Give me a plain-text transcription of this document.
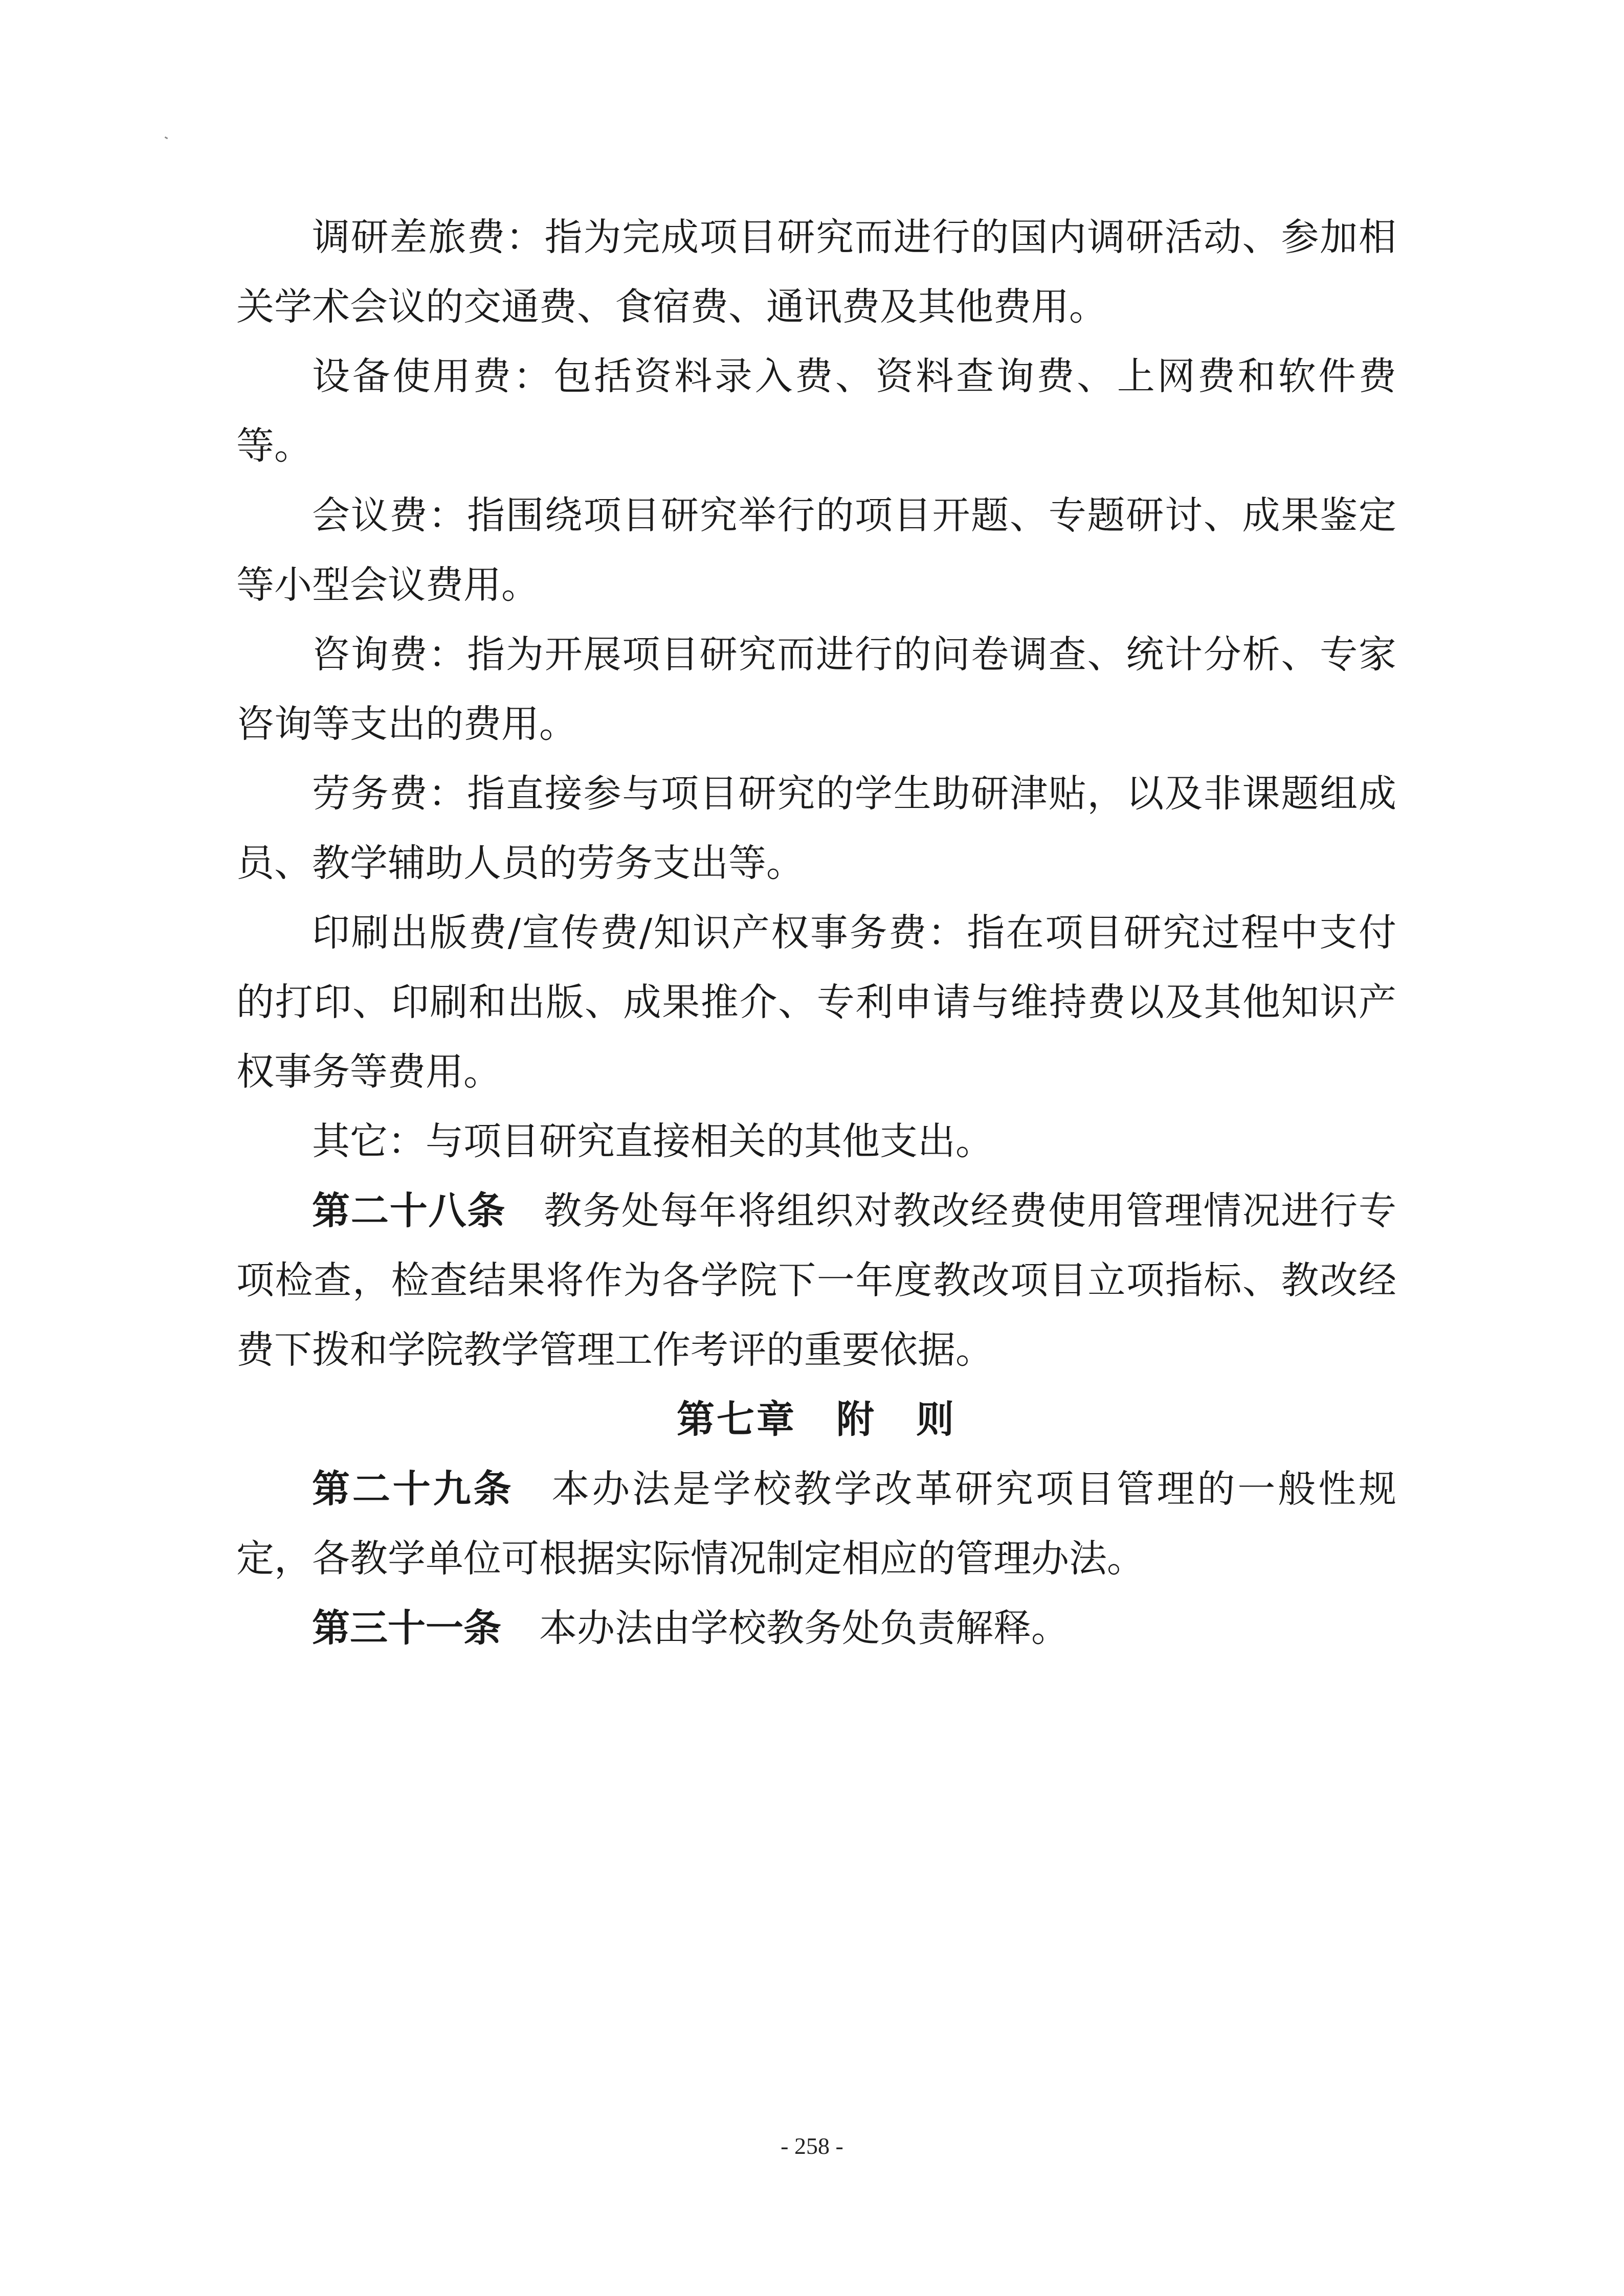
调研差旅费：指为完成项目研究而进行的国内调研活动、参加相关学术会议的交通费、食宿费、通讯费及其他费用。

设备使用费：包括资料录入费、资料查询费、上网费和软件费等。

会议费：指围绕项目研究举行的项目开题、专题研讨、成果鉴定等小型会议费用。

咨询费：指为开展项目研究而进行的问卷调查、统计分析、专家咨询等支出的费用。

劳务费：指直接参与项目研究的学生助研津贴，以及非课题组成员、教学辅助人员的劳务支出等。

印刷出版费/宣传费/知识产权事务费：指在项目研究过程中支付的打印、印刷和出版、成果推介、专利申请与维持费以及其他知识产权事务等费用。

其它：与项目研究直接相关的其他支出。

第二十八条 教务处每年将组织对教改经费使用管理情况进行专项检查，检查结果将作为各学院下一年度教改项目立项指标、教改经费下拨和学院教学管理工作考评的重要依据。

第七章　附　则

第二十九条 本办法是学校教学改革研究项目管理的一般性规定，各教学单位可根据实际情况制定相应的管理办法。

第三十一条 本办法由学校教务处负责解释。

- 258 -
